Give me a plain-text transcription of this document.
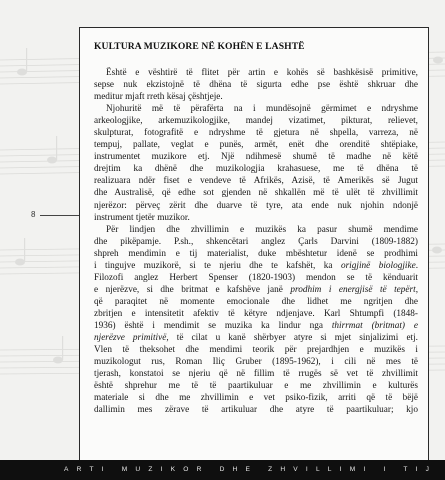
8
KULTURA MUZIKORE NË KOHËN E LASHTË

Është e vështirë të flitet për artin e kohës së bashkësisë primitive,
sepse nuk ekzistojnë të dhëna të sigurta edhe pse është shkruar dhe
meditur mjaft rreth kësaj çështjeje.

Njohuritë më të përafërta na i mundësojnë gërmimet e ndryshme
arkeologjike, arkemuzikologjike, mandej vizatimet, pikturat, relievet,
skulpturat, fotografitë e ndryshme të gjetura në shpella, varreza, në
tempuj, pallate, veglat e punës, armët, enët dhe orenditë shtëpiake,
instrumentet muzikore etj. Një ndihmesë shumë të madhe në këtë
drejtim ka dhënë dhe muzikologjia krahasuese, me të dhëna të
realizuara ndër fiset e vendeve të Afrikës, Azisë, të Amerikës së Jugut
dhe Australisë, që edhe sot gjenden në shkallën më të ulët të zhvillimit
njerëzor: përveç zërit dhe duarve të tyre, ata ende nuk njohin ndonjë
instrument tjetër muzikor.

Për lindjen dhe zhvillimin e muzikës ka pasur shumë mendime
dhe pikëpamje. P.sh., shkencëtari anglez Çarls Darvini (1809-1882)
shpreh mendimin e tij materialist, duke mbështetur idenë se prodhimi
i tingujve muzikorë, si te njeriu dhe te kafshët, ka origjinë biologjike.
Filozofi anglez Herbert Spenser (1820-1903) mendon se të kënduarit
e njerëzve, si dhe britmat e kafshëve janë prodhim i energjisë të tepërt,
që paraqitet në momente emocionale dhe lidhet me ngritjen dhe
zbritjen e intensitetit afektiv të këtyre ndjenjave. Karl Shtumpfi (1848-
1936) është i mendimit se muzika ka lindur nga thirrmat (britmat) e
njerëzve primitivë, të cilat u kanë shërbyer atyre si mjet sinjalizimi etj.
Vlen të theksohet dhe mendimi teorik për prejardhjen e muzikës i
muzikologut rus, Roman Iliç Gruber (1895-1962), i cili në mes të
tjerash, konstatoi se njeriu që në fillim të rrugës së vet të zhvillimit
është shprehur me të të paartikuluar e me zhvillimin e kulturës
materiale si dhe me zhvillimin e vet psiko-fizik, arriti që të bëjë
dallimin mes zërave të artikuluar dhe atyre të paartikuluar; kjo

ARTI MUZIKOR DHE ZHVILLIMI I TIJ
